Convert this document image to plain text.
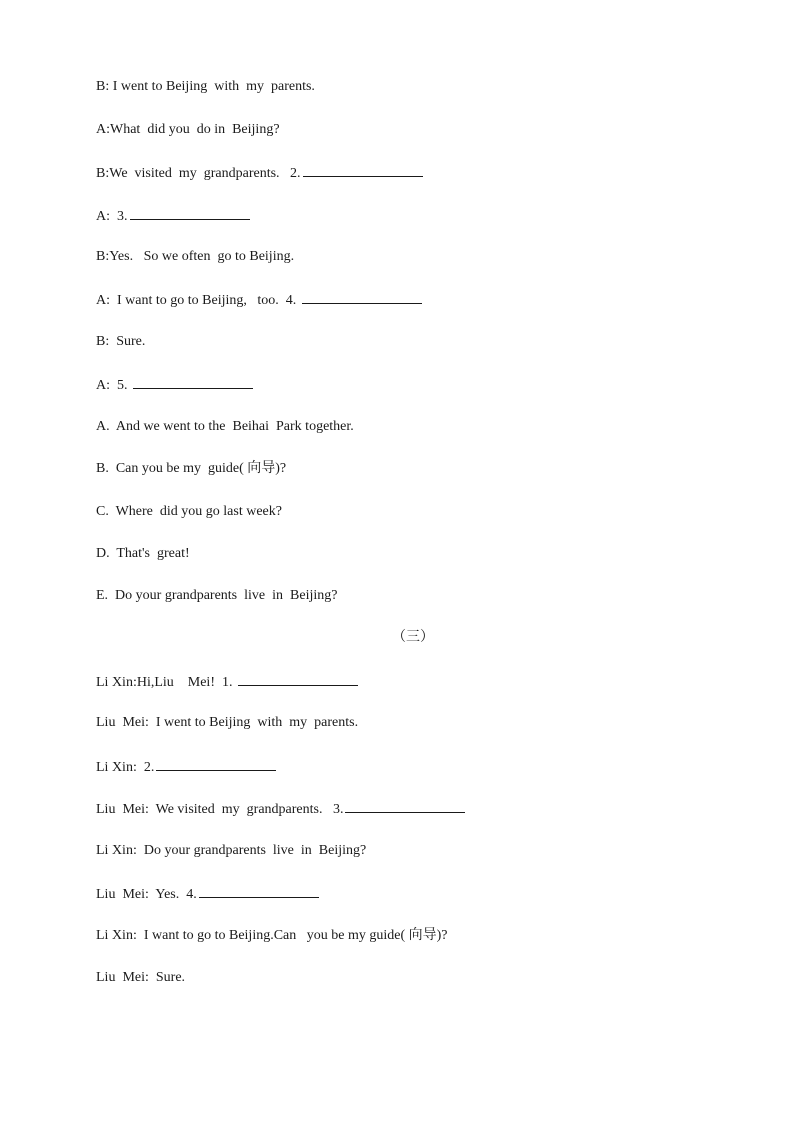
B: I went to Beijing  with  my  parents.
A:What  did you  do in  Beijing?
B:We  visited  my  grandparents.   2.
A:  3.
B:Yes.   So we often  go to Beijing.
A:  I want to go to Beijing,   too.  4.
B:  Sure.
A:  5.
A.  And we went to the  Beihai  Park together.
B.  Can you be my  guide( 向导)?
C.  Where  did you go last week?
D.  That's  great!
E.  Do your grandparents  live  in  Beijing?
（三）
Li Xin:Hi,Liu    Mei!  1.
Liu  Mei:  I went to Beijing  with  my  parents.
Li Xin:  2.
Liu  Mei:  We visited  my  grandparents.   3.
Li Xin:  Do your grandparents  live  in  Beijing?
Liu  Mei:  Yes.  4.
Li Xin:  I want to go to Beijing.Can   you be my guide( 向导)?
Liu  Mei:  Sure.
